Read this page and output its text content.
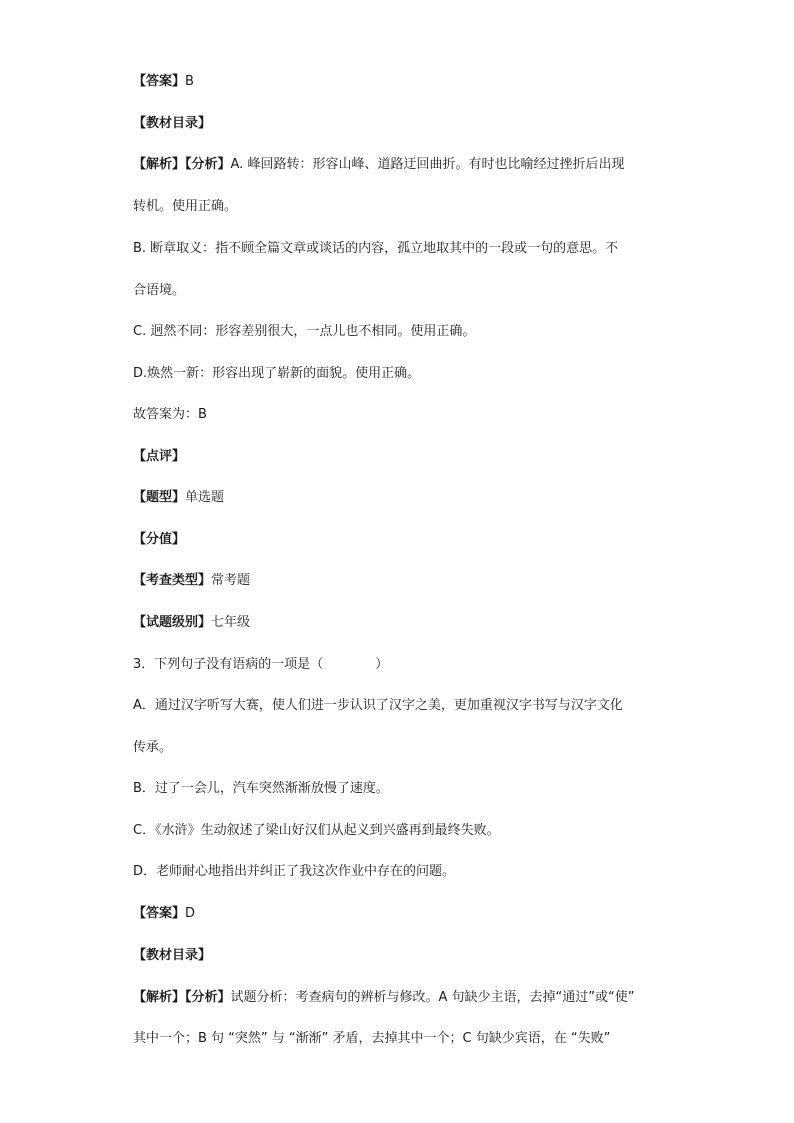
【答案】B
【教材目录】
【解析】【分析】A. 峰回路转：形容山峰、道路迂回曲折。有时也比喻经过挫折后出现
转机。使用正确。
B. 断章取义：指不顾全篇文章或谈话的内容，孤立地取其中的一段或一句的意思。不
合语境。
C. 迥然不同：形容差别很大，一点儿也不相同。使用正确。
D.焕然一新：形容出现了崭新的面貌。使用正确。
故答案为：B
【点评】
【题型】单选题
【分值】
【考查类型】常考题
【试题级别】七年级
3．下列句子没有语病的一项是（　　　　）
A．通过汉字听写大赛，使人们进一步认识了汉字之美，更加重视汉字书写与汉字文化
传承。
B．过了一会儿，汽车突然渐渐放慢了速度。
C．《水浒》生动叙述了梁山好汉们从起义到兴盛再到最终失败。
D．老师耐心地指出并纠正了我这次作业中存在的问题。
【答案】D
【教材目录】
【解析】【分析】试题分析：考查病句的辨析与修改。A 句缺少主语，去掉“通过”或“使”
其中一个；B 句 “突然” 与 “渐渐” 矛盾，去掉其中一个；C 句缺少宾语，在 “失败”
